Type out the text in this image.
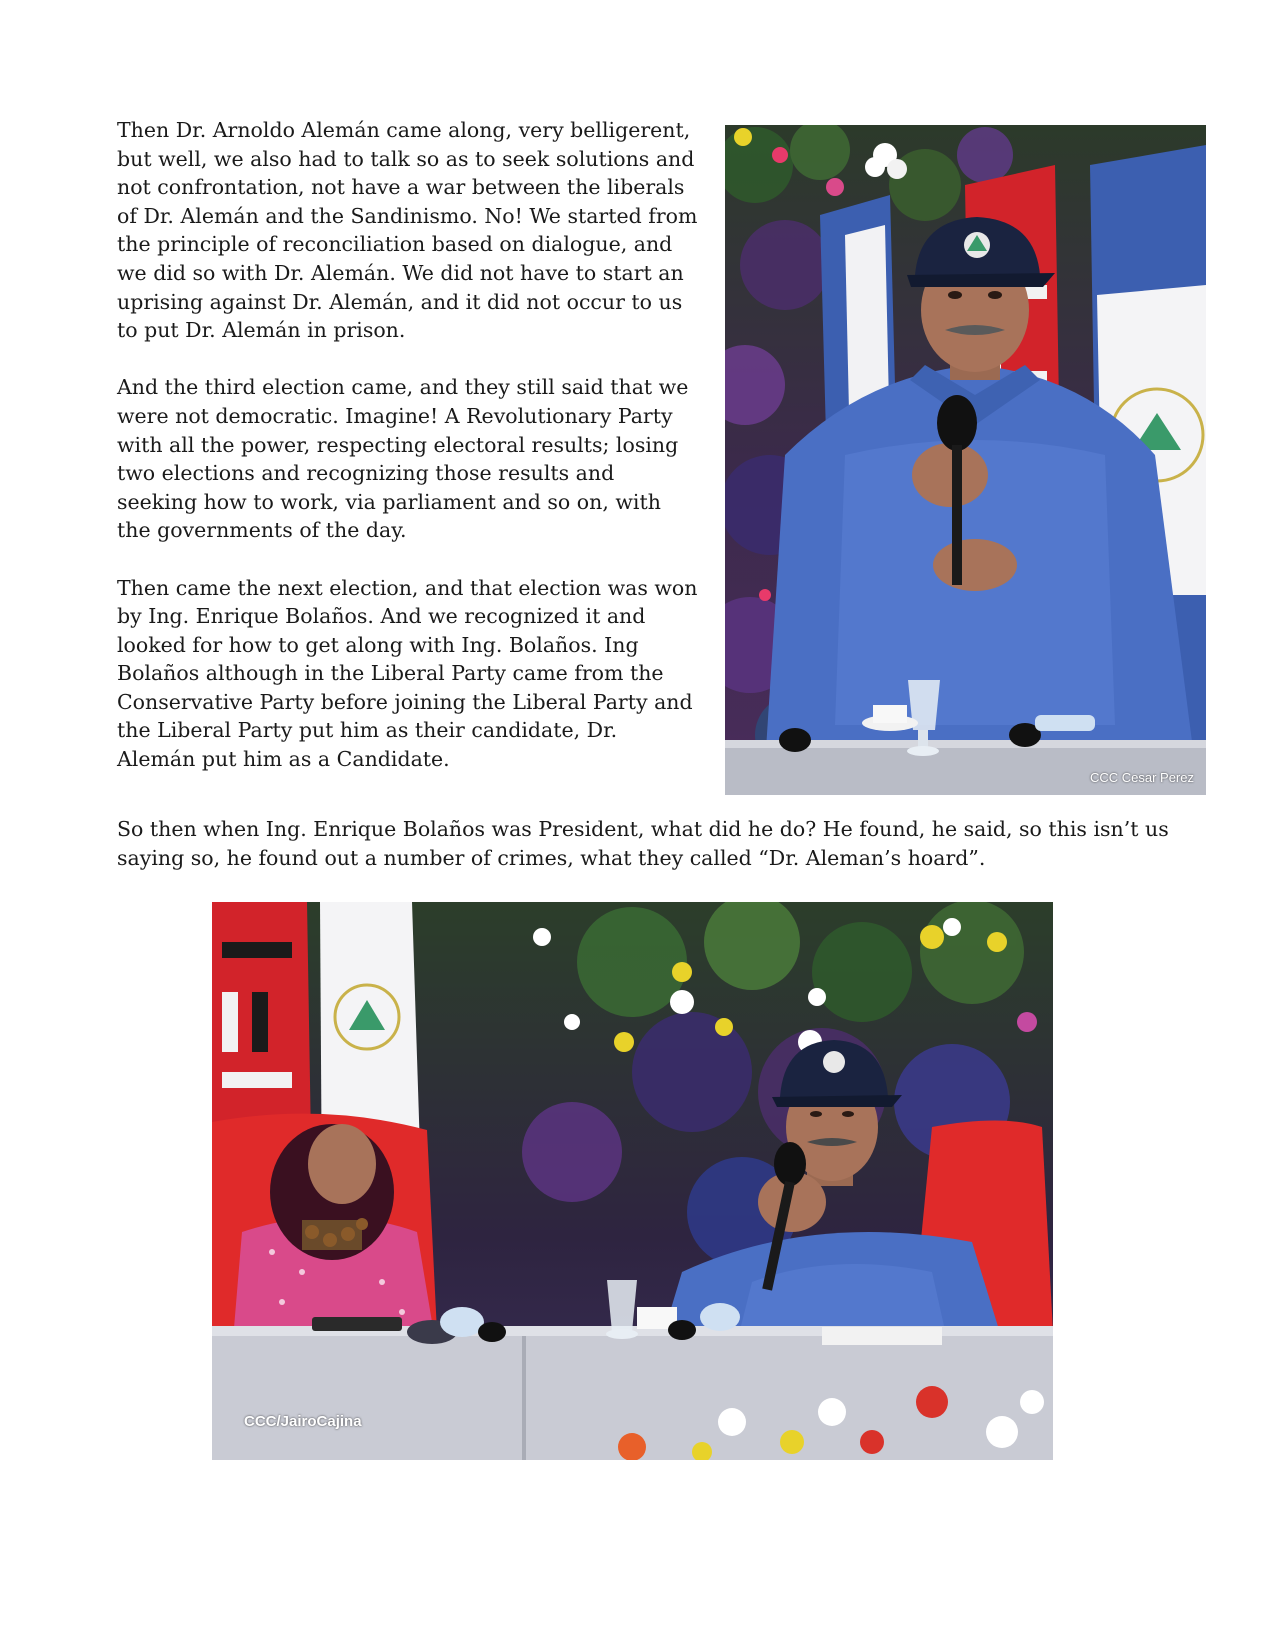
Then Dr. Arnoldo Alemán came along, very belligerent, but well, we also had to talk so as to seek solutions and not confrontation, not have a war between the liberals of Dr. Alemán and the Sandinismo. No! We started from the principle of reconciliation based on dialogue, and we did so with Dr. Alemán. We did not have to start an uprising against Dr. Alemán, and it did not occur to us to put Dr. Alemán in prison.

And the third election came, and they still said that we were not democratic. Imagine! A Revolutionary Party with all the power, respecting electoral results; losing two elections and recognizing those results and seeking how to work, via parliament and so on, with the governments of the day.

Then came the next election, and that election was won by Ing. Enrique Bolaños. And we recognized it and looked for how to get along with Ing. Bolaños. Ing Bolaños although in the Liberal Party came from the Conservative Party before joining the Liberal Party and the Liberal Party put him as their candidate, Dr. Alemán put him as a Candidate.

So then when Ing. Enrique Bolaños was President, what did he do? He found, he said, so this isn’t us saying so, he found out a number of crimes, what they called “Dr. Aleman’s hoard”.

CCC Cesar Perez
CCC/JairoCajina
